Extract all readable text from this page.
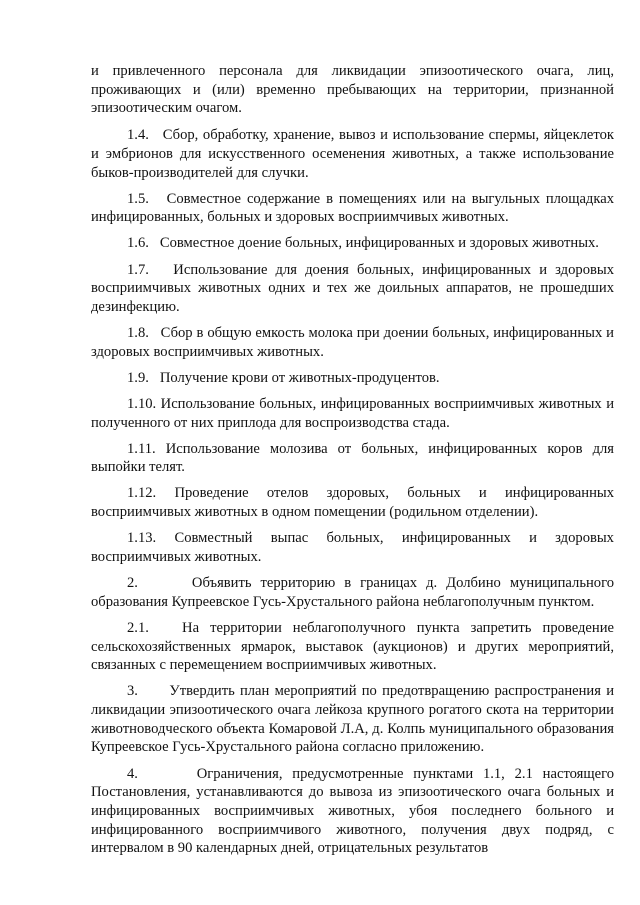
и привлеченного персонала для ликвидации эпизоотического очага, лиц, проживающих и (или) временно пребывающих на территории, признанной эпизоотическим очагом.

1.4. Сбор, обработку, хранение, вывоз и использование спермы, яйцеклеток и эмбрионов для искусственного осеменения животных, а также использование быков-производителей для случки.

1.5. Совместное содержание в помещениях или на выгульных площадках инфицированных, больных и здоровых восприимчивых животных.

1.6. Совместное доение больных, инфицированных и здоровых животных.

1.7. Использование для доения больных, инфицированных и здоровых восприимчивых животных одних и тех же доильных аппаратов, не прошедших дезинфекцию.

1.8. Сбор в общую емкость молока при доении больных, инфицированных и здоровых восприимчивых животных.

1.9. Получение крови от животных-продуцентов.

1.10. Использование больных, инфицированных восприимчивых животных и полученного от них приплода для воспроизводства стада.

1.11. Использование молозива от больных, инфицированных коров для выпойки телят.

1.12. Проведение отелов здоровых, больных и инфицированных восприимчивых животных в одном помещении (родильном отделении).

1.13. Совместный выпас больных, инфицированных и здоровых восприимчивых животных.

2.	Объявить территорию в границах д. Долбино муниципального образования Купреевское Гусь-Хрустального района неблагополучным пунктом.

2.1. На территории неблагополучного пункта запретить проведение сельскохозяйственных ярмарок, выставок (аукционов) и других мероприятий, связанных с перемещением восприимчивых животных.

3. Утвердить план мероприятий по предотвращению распространения и ликвидации эпизоотического очага лейкоза крупного рогатого скота на территории животноводческого объекта Комаровой Л.А, д. Колпь муниципального образования Купреевское Гусь-Хрустального района согласно приложению.

4.	Ограничения, предусмотренные пунктами 1.1, 2.1 настоящего Постановления, устанавливаются до вывоза из эпизоотического очага больных и инфицированных восприимчивых животных, убоя последнего больного и инфицированного восприимчивого животного, получения двух подряд, с интервалом в 90 календарных дней, отрицательных результатов
